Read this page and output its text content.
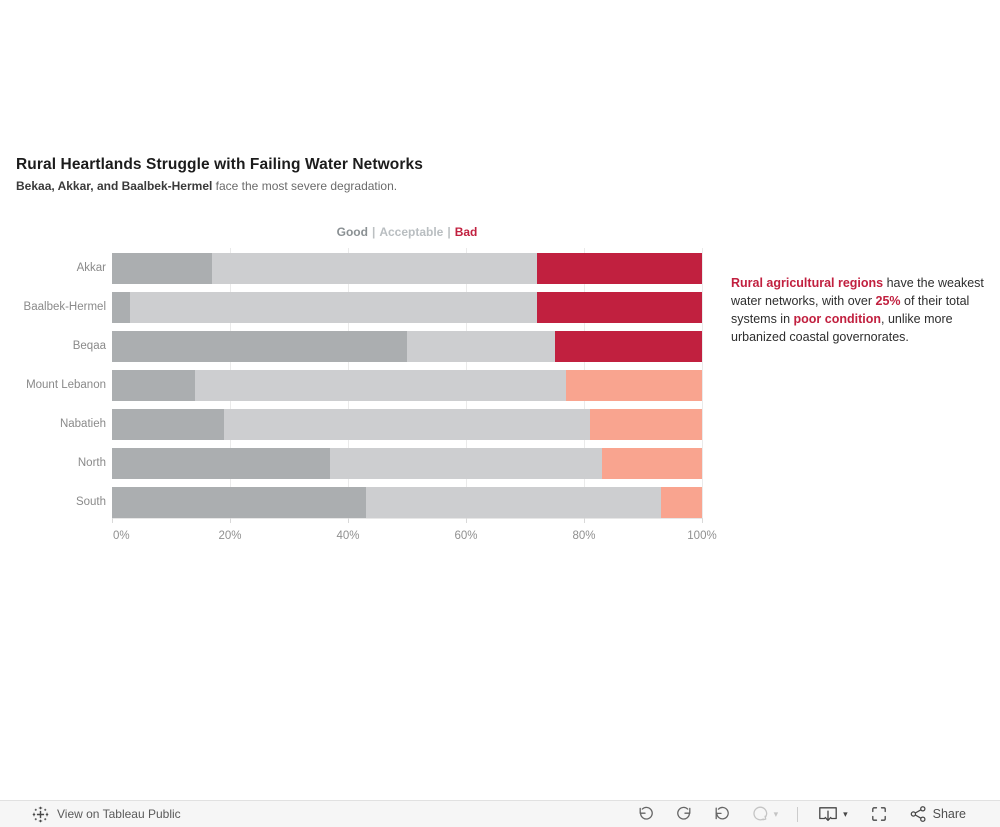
Rural Heartlands Struggle with Failing Water Networks
Bekaa, Akkar, and Baalbek-Hermel face the most severe degradation.
Good | Acceptable | Bad
Akkar
Baalbek-Hermel
Beqaa
Mount Lebanon
Nabatieh
North
South
0%	20%	40%	60%	80%	100%
Rural agricultural regions have the weakest water networks, with over 25% of their total systems in poor condition, unlike more urbanized coastal governorates.
View on Tableau Public	▾	▾	Share
